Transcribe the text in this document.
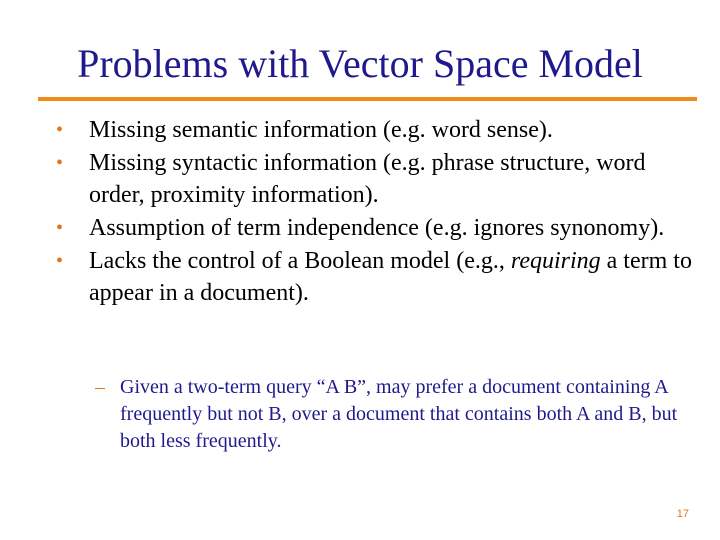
Problems with Vector Space Model
•	Missing semantic information (e.g. word sense).
•	Missing syntactic information (e.g. phrase structure, word order, proximity information).
•	Assumption of term independence (e.g. ignores synonomy).
•	Lacks the control of a Boolean model (e.g., requiring a term to appear in a document).
– Given a two-term query “A B”, may prefer a document containing A frequently but not B, over a document that contains both A and B, but both less frequently.
17
